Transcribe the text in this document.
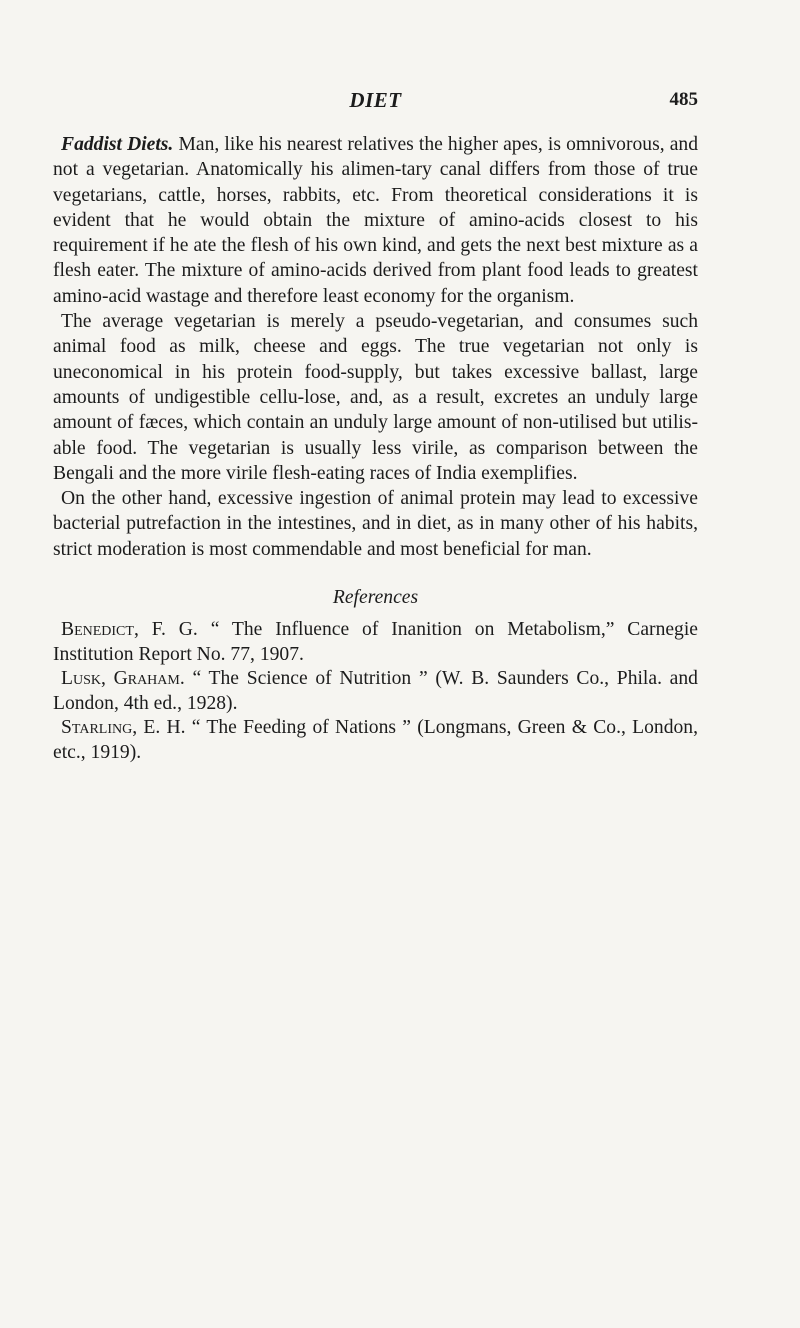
DIET	485

Faddist Diets. Man, like his nearest relatives the higher apes, is omnivorous, and not a vegetarian. Anatomically his alimen-tary canal differs from those of true vegetarians, cattle, horses, rabbits, etc. From theoretical considerations it is evident that he would obtain the mixture of amino-acids closest to his requirement if he ate the flesh of his own kind, and gets the next best mixture as a flesh eater. The mixture of amino-acids derived from plant food leads to greatest amino-acid wastage and therefore least economy for the organism.

The average vegetarian is merely a pseudo-vegetarian, and consumes such animal food as milk, cheese and eggs. The true vegetarian not only is uneconomical in his protein food-supply, but takes excessive ballast, large amounts of undigestible cellu-lose, and, as a result, excretes an unduly large amount of fæces, which contain an unduly large amount of non-utilised but utilis-able food. The vegetarian is usually less virile, as comparison between the Bengali and the more virile flesh-eating races of India exemplifies.

On the other hand, excessive ingestion of animal protein may lead to excessive bacterial putrefaction in the intestines, and in diet, as in many other of his habits, strict moderation is most commendable and most beneficial for man.

References

Benedict, F. G. “ The Influence of Inanition on Metabolism,” Carnegie Institution Report No. 77, 1907.

Lusk, Graham. “ The Science of Nutrition ” (W. B. Saunders Co., Phila. and London, 4th ed., 1928).

Starling, E. H. “ The Feeding of Nations ” (Longmans, Green & Co., London, etc., 1919).
